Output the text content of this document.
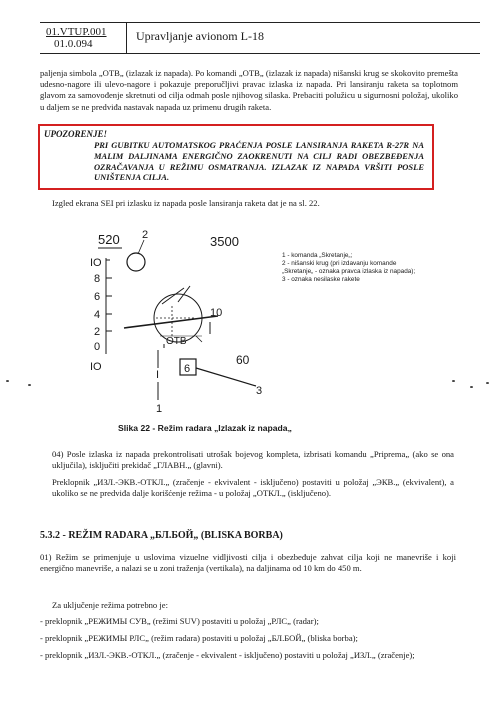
01.VTUP.001
01.0.094
Upravljanje avionom L-18
paljenja simbola „OTB„ (izlazak iz napada). Po komandi „OTB„ (izlazak iz napada) nišanski krug se skokovito premešta udesno-nagore ili ulevo-nagore i pokazuje preporučljivi pravac izlaska iz napada. Pri lansiranju raketa sa toplotnom glavom za samovođenje skretnuti od cilja odmah posle njihovog silaska. Prebaciti polužicu u sigurnosni položaj, ukoliko u daljem se ne predviđa nastavak napada uz primenu drugih raketa.
UPOZORENJE!
PRI GUBITKU AUTOMATSKOG PRAĆENJA POSLE LANSIRANJA RAKETA R-27R NA MALIM DALJINAMA ENERGIČNO ZAOKRENUTI NA CILJ RADI OBEZBEĐENJA OZRAČAVANJA U REŽIMU OSMATRANJA. IZLAZAK IZ NAPADA VRŠITI POSLE UNIŠTENJA CILJA.
Izgled ekrana SEI pri izlasku iz napada posle lansiranja raketa dat je na sl. 22.
520 2	3500
IO
8
6
4
2
0
IO
OTB
10
60
6
3
I
1
1 - komanda „Skretanje„;
2 - nišanski krug (pri izdavanju komande „Skretanje„ - oznaka pravca izlaska iz napada);
3 - oznaka nesilaske rakete
Slika 22 - Režim radara „Izlazak iz napada„
04) Posle izlaska iz napada prekontrolisati utrošak bojevog kompleta, izbrisati komandu „Priprema„ (ako se ona uključila), isključiti prekidač „ГЛАВН.„ (glavni).
Preklopnik „ИЗЛ.-ЭКВ.-ОТКЛ.„ (zračenje - ekvivalent - isključeno) postaviti u položaj „ЭКВ.„ (ekvivalent), a ukoliko se ne predviđa dalje korišćenje režima - u položaj „ОТКЛ.„ (isključeno).
5.3.2 - REŽIM RADARA „БЛ.БОЙ„ (BLISKA BORBA)
01) Režim se primenjuje u uslovima vizuelne vidljivosti cilja i obezbeđuje zahvat cilja koji ne manevriše i koji energično manevriše, a nalazi se u zoni traženja (vertikala), na daljinama od 10 km do 450 m.
Za uključenje režima potrebno je:
- preklopnik „РЕЖИМЫ СУВ„ (režimi SUV) postaviti u položaj „РЛС„ (radar);
- preklopnik „РЕЖИМЫ РЛС„ (režim radara) postaviti u položaj „БЛ.БОЙ„ (bliska borba);
- preklopnik „ИЗЛ.-ЭКВ.-ОТКЛ.„ (zračenje - ekvivalent - isključeno) postaviti u položaj „ИЗЛ.„ (zračenje);
